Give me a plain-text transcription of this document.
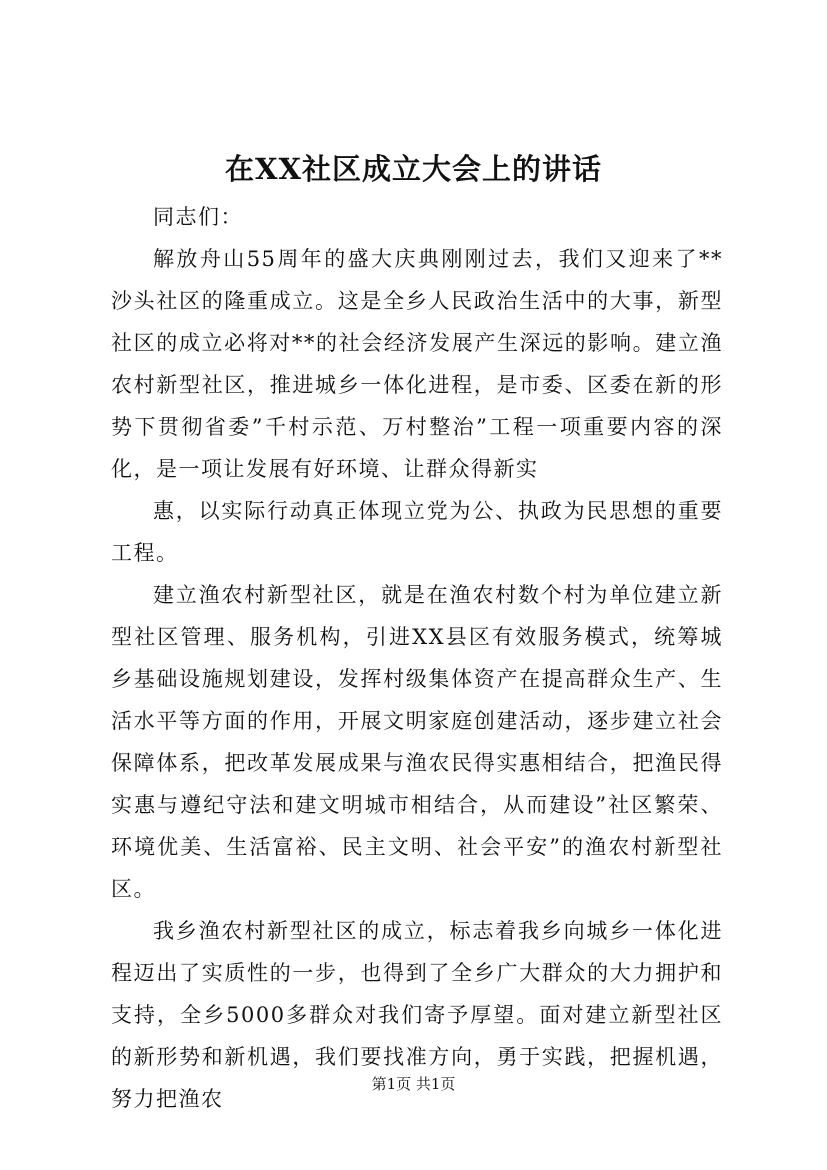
在XX社区成立大会上的讲话

同志们：

解放舟山55周年的盛大庆典刚刚过去，我们又迎来了**沙头社区的隆重成立。这是全乡人民政治生活中的大事，新型社区的成立必将对**的社会经济发展产生深远的影响。建立渔农村新型社区，推进城乡一体化进程，是市委、区委在新的形势下贯彻省委”千村示范、万村整治”工程一项重要内容的深化，是一项让发展有好环境、让群众得新实

惠，以实际行动真正体现立党为公、执政为民思想的重要工程。

建立渔农村新型社区，就是在渔农村数个村为单位建立新型社区管理、服务机构，引进XX县区有效服务模式，统筹城乡基础设施规划建设，发挥村级集体资产在提高群众生产、生活水平等方面的作用，开展文明家庭创建活动，逐步建立社会保障体系，把改革发展成果与渔农民得实惠相结合，把渔民得实惠与遵纪守法和建文明城市相结合，从而建设”社区繁荣、环境优美、生活富裕、民主文明、社会平安”的渔农村新型社区。

我乡渔农村新型社区的成立，标志着我乡向城乡一体化进程迈出了实质性的一步，也得到了全乡广大群众的大力拥护和支持，全乡5000多群众对我们寄予厚望。面对建立新型社区的新形势和新机遇，我们要找准方向，勇于实践，把握机遇，努力把渔农

第1页 共1页
